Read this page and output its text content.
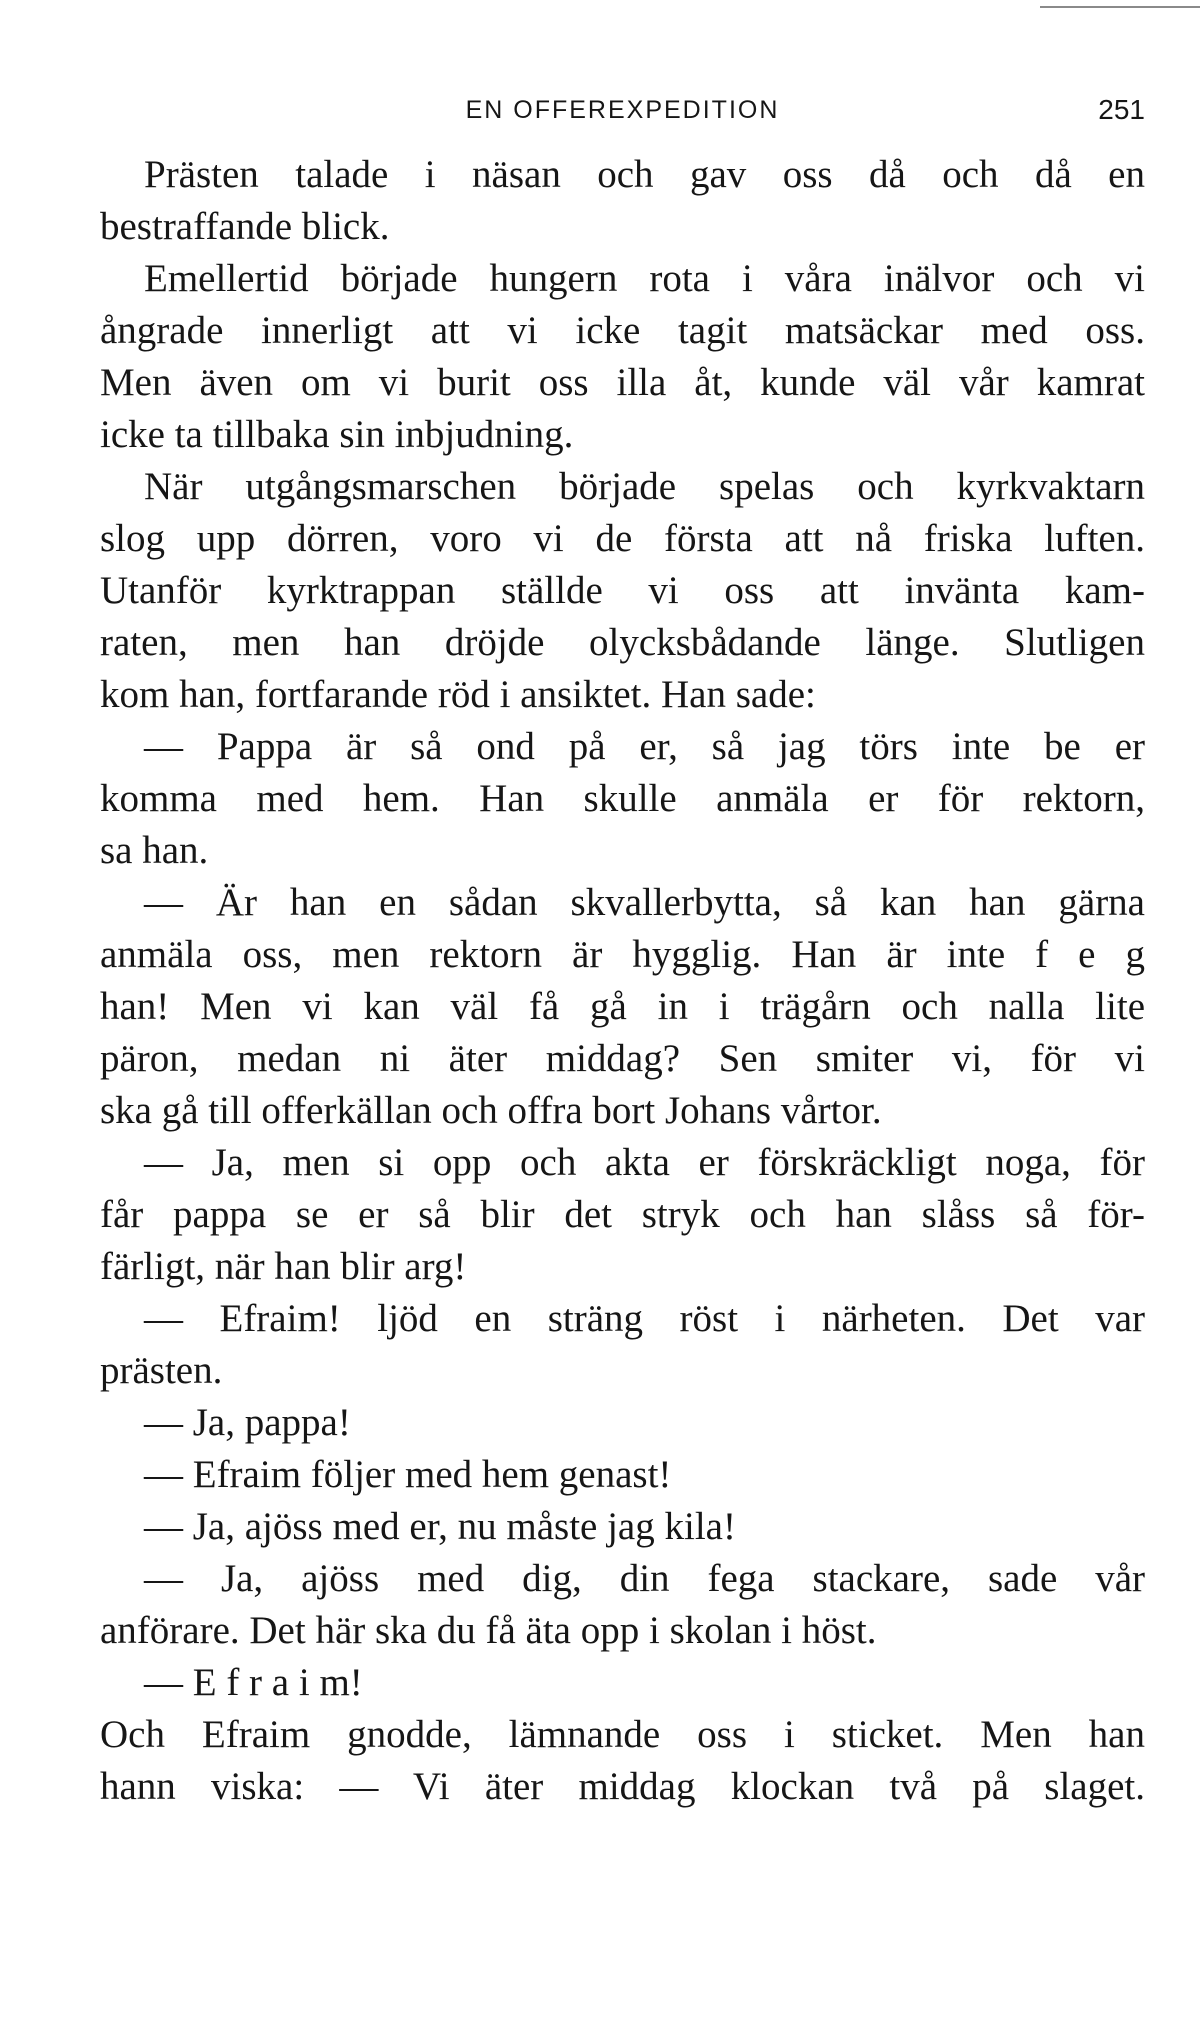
EN OFFEREXPEDITION	251
Prästen talade i näsan och gav oss då och då en
bestraffande blick.
Emellertid började hungern rota i våra inälvor och vi
ångrade innerligt att vi icke tagit matsäckar med oss.
Men även om vi burit oss illa åt, kunde väl vår kamrat
icke ta tillbaka sin inbjudning.
När utgångsmarschen började spelas och kyrkvaktarn
slog upp dörren, voro vi de första att nå friska luften.
Utanför kyrktrappan ställde vi oss att invänta kam-
raten, men han dröjde olycksbådande länge. Slutligen
kom han, fortfarande röd i ansiktet. Han sade:
— Pappa är så ond på er, så jag törs inte be er
komma med hem. Han skulle anmäla er för rektorn,
sa han.
— Är han en sådan skvallerbytta, så kan han gärna
anmäla oss, men rektorn är hygglig. Han är inte f e g
han! Men vi kan väl få gå in i trägårn och nalla lite
päron, medan ni äter middag? Sen smiter vi, för vi
ska gå till offerkällan och offra bort Johans vårtor.
— Ja, men si opp och akta er förskräckligt noga, för
får pappa se er så blir det stryk och han slåss så för-
färligt, när han blir arg!
— Efraim! ljöd en sträng röst i närheten. Det var
prästen.
— Ja, pappa!
— Efraim följer med hem genast!
— Ja, ajöss med er, nu måste jag kila!
— Ja, ajöss med dig, din fega stackare, sade vår
anförare. Det här ska du få äta opp i skolan i höst.
— E f r a i m!
Och Efraim gnodde, lämnande oss i sticket. Men han
hann viska: — Vi äter middag klockan två på slaget.
